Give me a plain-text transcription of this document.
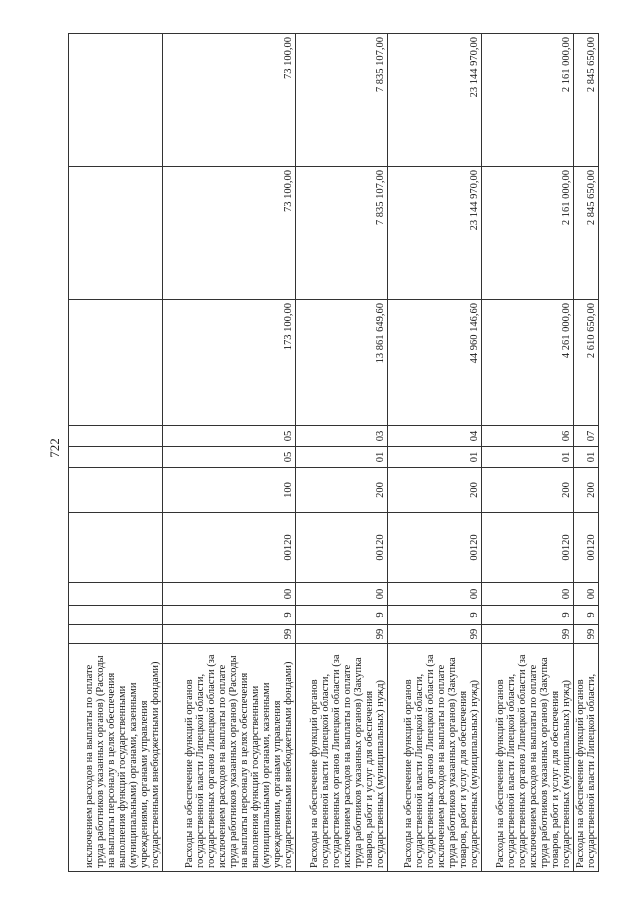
722
исключением расходов на выплаты по оплате труда работников указанных органов) (Расходы на выплаты персоналу в целях обеспечения выполнения функций государственными (муниципальными) органами, казенными учреждениями, органами управления государственными внебюджетными фондами)										
Расходы на обеспечение функций органов государственной власти Липецкой области, государственных органов Липецкой области (за исключением расходов на выплаты по оплате труда работников указанных органов) (Расходы на выплаты персоналу в целях обеспечения выполнения функций государственными (муниципальными) органами, казенными учреждениями, органами управления государственными внебюджетными фондами)	99	9	00	00120	100	05	05	173 100,00	73 100,00	73 100,00
Расходы на обеспечение функций органов государственной власти Липецкой области, государственных органов Липецкой области (за исключением расходов на выплаты по оплате труда работников указанных органов) (Закупка товаров, работ и услуг для обеспечения государственных (муниципальных) нужд)	99	9	00	00120	200	01	03	13 861 649,60	7 835 107,00	7 835 107,00
Расходы на обеспечение функций органов государственной власти Липецкой области, государственных органов Липецкой области (за исключением расходов на выплаты по оплате труда работников указанных органов) (Закупка товаров, работ и услуг для обеспечения государственных (муниципальных) нужд)	99	9	00	00120	200	01	04	44 960 146,60	23 144 970,00	23 144 970,00
Расходы на обеспечение функций органов государственной власти Липецкой области, государственных органов Липецкой области (за исключением расходов на выплаты по оплате труда работников указанных органов) (Закупка товаров, работ и услуг для обеспечения государственных (муниципальных) нужд)	99	9	00	00120	200	01	06	4 261 000,00	2 161 000,00	2 161 000,00
Расходы на обеспечение функций органов государственной власти Липецкой области,	99	9	00	00120	200	01	07	2 610 650,00	2 845 650,00	2 845 650,00
